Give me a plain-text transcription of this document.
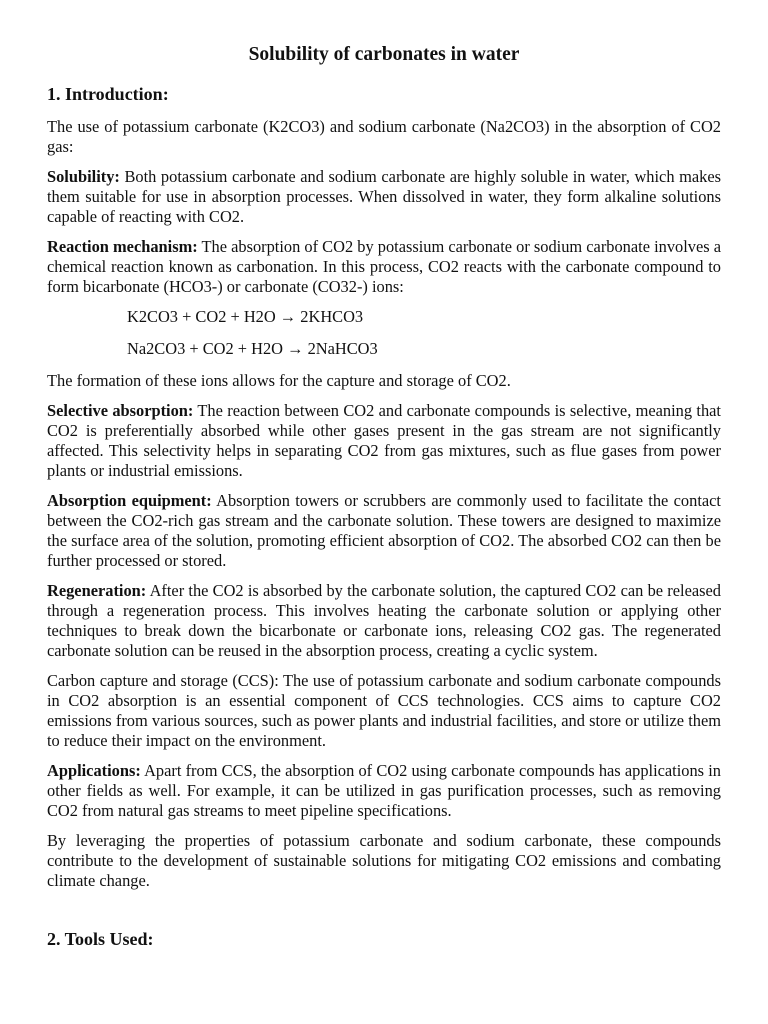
Solubility of carbonates in water
1. Introduction:

The use of potassium carbonate (K2CO3) and sodium carbonate (Na2CO3) in the absorption of CO2 gas:

Solubility: Both potassium carbonate and sodium carbonate are highly soluble in water, which makes them suitable for use in absorption processes. When dissolved in water, they form alkaline solutions capable of reacting with CO2.

Reaction mechanism: The absorption of CO2 by potassium carbonate or sodium carbonate involves a chemical reaction known as carbonation. In this process, CO2 reacts with the carbonate compound to form bicarbonate (HCO3-) or carbonate (CO32-) ions:

K2CO3 + CO2 + H2O → 2KHCO3
Na2CO3 + CO2 + H2O → 2NaHCO3

The formation of these ions allows for the capture and storage of CO2.

Selective absorption: The reaction between CO2 and carbonate compounds is selective, meaning that CO2 is preferentially absorbed while other gases present in the gas stream are not significantly affected. This selectivity helps in separating CO2 from gas mixtures, such as flue gases from power plants or industrial emissions.

Absorption equipment: Absorption towers or scrubbers are commonly used to facilitate the contact between the CO2-rich gas stream and the carbonate solution. These towers are designed to maximize the surface area of the solution, promoting efficient absorption of CO2. The absorbed CO2 can then be further processed or stored.

Regeneration: After the CO2 is absorbed by the carbonate solution, the captured CO2 can be released through a regeneration process. This involves heating the carbonate solution or applying other techniques to break down the bicarbonate or carbonate ions, releasing CO2 gas. The regenerated carbonate solution can be reused in the absorption process, creating a cyclic system.

Carbon capture and storage (CCS): The use of potassium carbonate and sodium carbonate compounds in CO2 absorption is an essential component of CCS technologies. CCS aims to capture CO2 emissions from various sources, such as power plants and industrial facilities, and store or utilize them to reduce their impact on the environment.

Applications: Apart from CCS, the absorption of CO2 using carbonate compounds has applications in other fields as well. For example, it can be utilized in gas purification processes, such as removing CO2 from natural gas streams to meet pipeline specifications.

By leveraging the properties of potassium carbonate and sodium carbonate, these compounds contribute to the development of sustainable solutions for mitigating CO2 emissions and combating climate change.

2. Tools Used:
